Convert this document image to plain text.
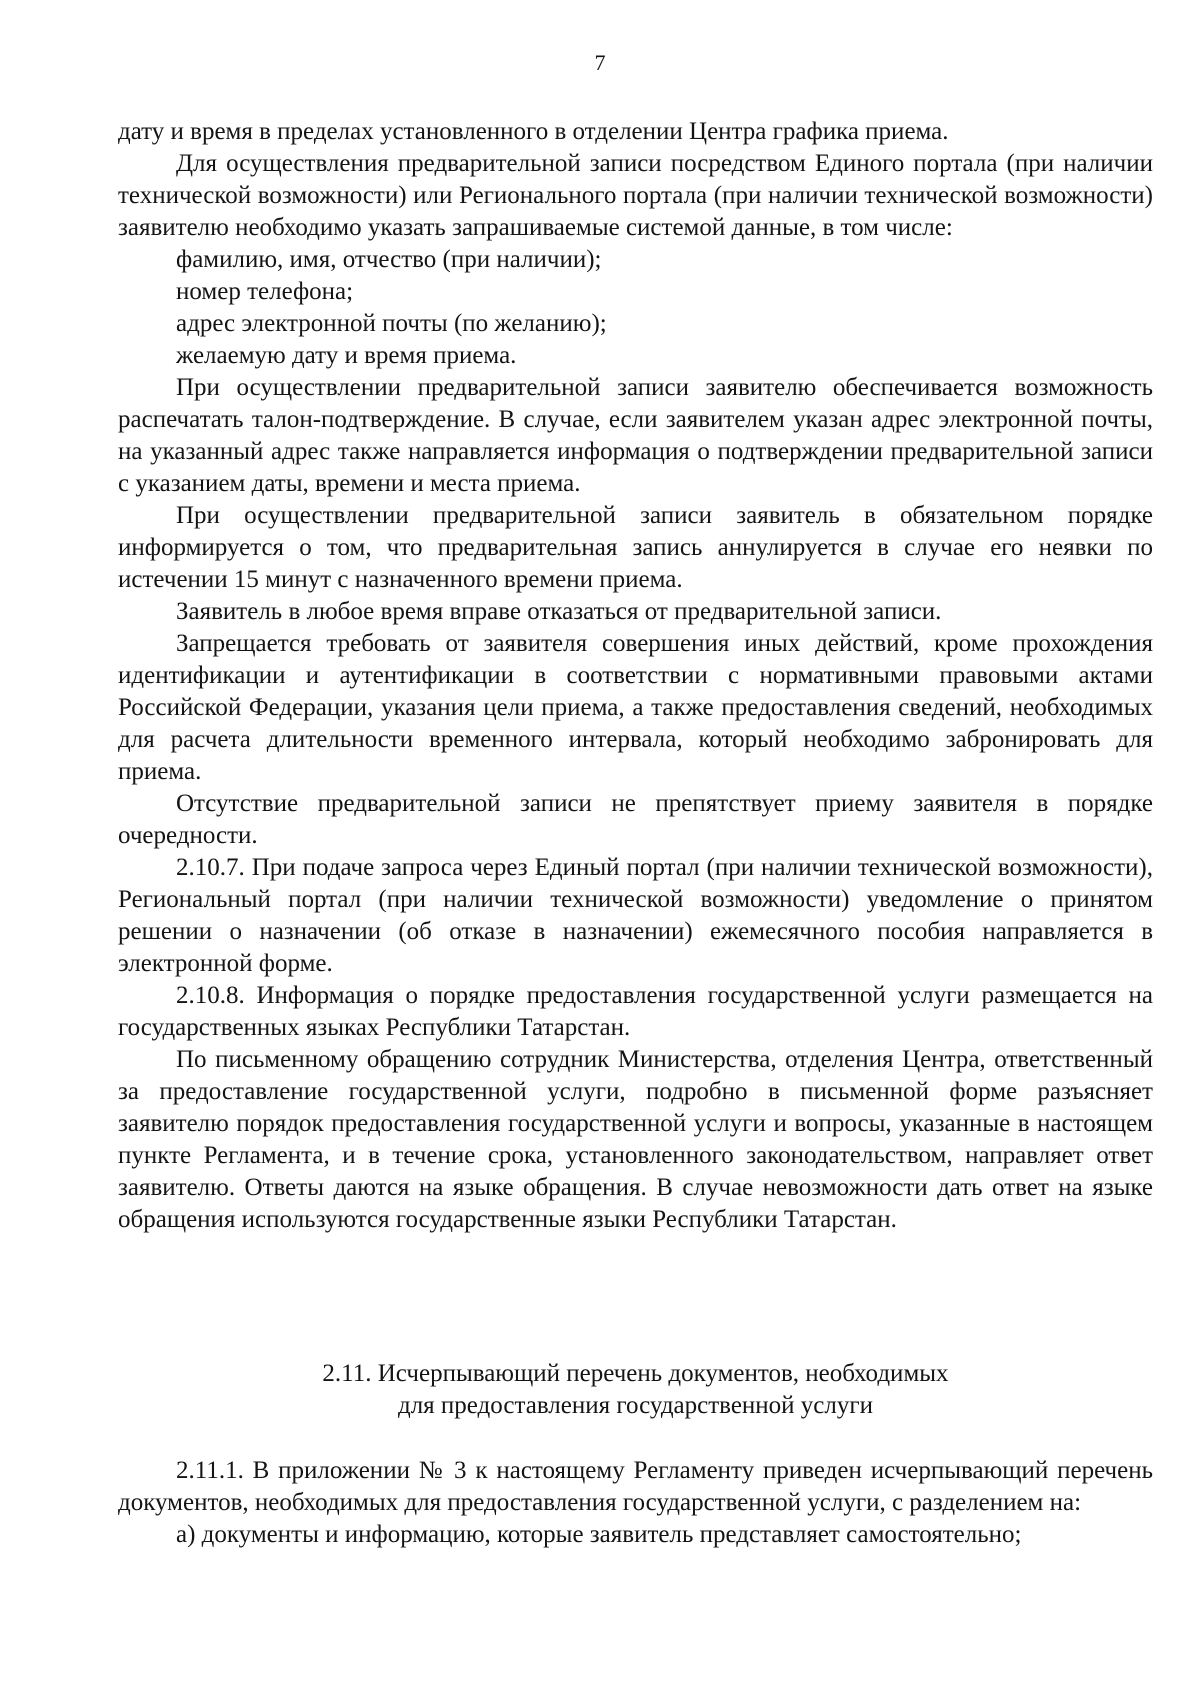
7

дату и время в пределах установленного в отделении Центра графика приема.

Для осуществления предварительной записи посредством Единого портала (при наличии технической возможности) или Регионального портала (при наличии технической возможности) заявителю необходимо указать запрашиваемые системой данные, в том числе:

фамилию, имя, отчество (при наличии);

номер телефона;

адрес электронной почты (по желанию);

желаемую дату и время приема.

При осуществлении предварительной записи заявителю обеспечивается возможность распечатать талон-подтверждение. В случае, если заявителем указан адрес электронной почты, на указанный адрес также направляется информация о подтверждении предварительной записи с указанием даты, времени и места приема.

При осуществлении предварительной записи заявитель в обязательном порядке информируется о том, что предварительная запись аннулируется в случае его неявки по истечении 15 минут с назначенного времени приема.

Заявитель в любое время вправе отказаться от предварительной записи.

Запрещается требовать от заявителя совершения иных действий, кроме прохождения идентификации и аутентификации в соответствии с нормативными правовыми актами Российской Федерации, указания цели приема, а также предоставления сведений, необходимых для расчета длительности временного интервала, который необходимо забронировать для приема.

Отсутствие предварительной записи не препятствует приему заявителя в порядке очередности.

2.10.7. При подаче запроса через Единый портал (при наличии технической возможности), Региональный портал (при наличии технической возможности) уведомление о принятом решении о назначении (об отказе в назначении) ежемесячного пособия направляется в электронной форме.

2.10.8. Информация о порядке предоставления государственной услуги размещается на государственных языках Республики Татарстан.

По письменному обращению сотрудник Министерства, отделения Центра, ответственный за предоставление государственной услуги, подробно в письменной форме разъясняет заявителю порядок предоставления государственной услуги и вопросы, указанные в настоящем пункте Регламента, и в течение срока, установленного законодательством, направляет ответ заявителю. Ответы даются на языке обращения. В случае невозможности дать ответ на языке обращения используются государственные языки Республики Татарстан.

2.11. Исчерпывающий перечень документов, необходимых
для предоставления государственной услуги

2.11.1. В приложении № 3 к настоящему Регламенту приведен исчерпывающий перечень документов, необходимых для предоставления государственной услуги, с разделением на:

а) документы и информацию, которые заявитель представляет самостоятельно;
